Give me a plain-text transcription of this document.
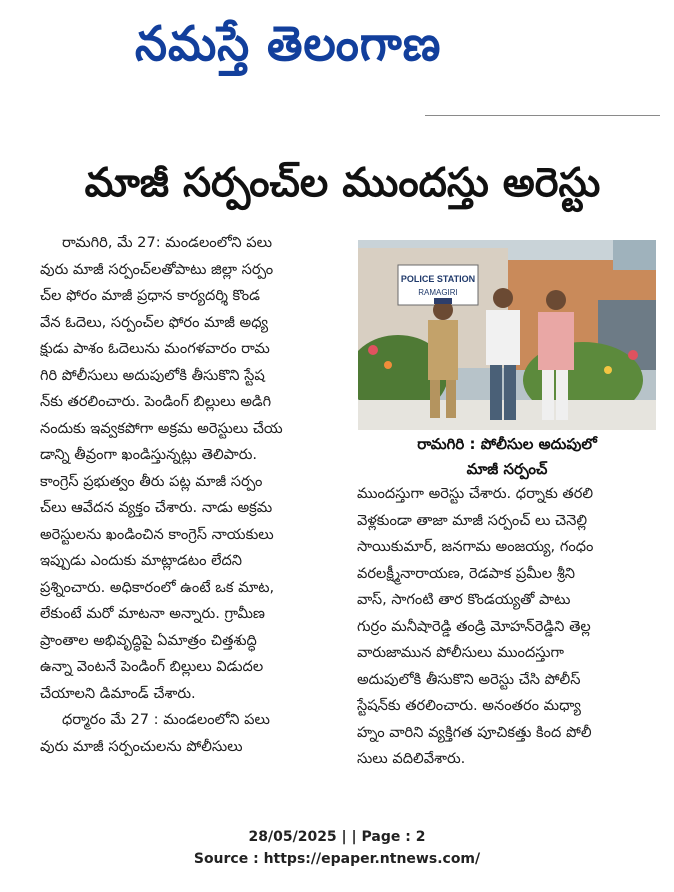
నమస్తే తెలంగాణ
మాజీ సర్పంచ్‌ల ముందస్తు అరెస్టు
రామగిరి, మే 27: మండలంలోని పలు
వురు మాజీ సర్పంచ్‌లతోపాటు జిల్లా సర్పం
చ్‌ల ఫోరం మాజీ ప్రధాన కార్యదర్శి కొండ
వేన ఓదెలు, సర్పంచ్‌ల ఫోరం మాజీ అధ్య
క్షుడు పాశం ఓదెలును మంగళవారం రామ
గిరి పోలీసులు అదుపులోకి తీసుకొని స్టేష
న్‌కు తరలించారు. పెండింగ్ బిల్లులు అడిగి
నందుకు ఇవ్వకపోగా అక్రమ అరెస్టులు చేయ
డాన్ని తీవ్రంగా ఖండిస్తున్నట్లు తెలిపారు.
కాంగ్రెస్ ప్రభుత్వం తీరు పట్ల మాజీ సర్పం
చ్‌లు ఆవేదన వ్యక్తం చేశారు. నాడు అక్రమ
అరెస్టులను ఖండించిన కాంగ్రెస్ నాయకులు
ఇప్పుడు ఎందుకు మాట్లాడటం లేదని
ప్రశ్నించారు. అధికారంలో ఉంటే ఒక మాట,
లేకుంటే మరో మాటనా అన్నారు. గ్రామీణ
ప్రాంతాల అభివృద్ధిపై ఏమాత్రం చిత్తశుద్ధి
ఉన్నా వెంటనే పెండింగ్ బిల్లులు విడుదల
చేయాలని డిమాండ్ చేశారు.
ధర్మారం మే 27 : మండలంలోని పలు
వురు మాజీ సర్పంచులను పోలీసులు
POLICE STATION
RAMAGIRI
రామగిరి : పోలీసుల అదుపులో
మాజీ సర్పంచ్
ముందస్తుగా అరెస్టు చేశారు. ధర్నాకు తరలి
వెళ్లకుండా తాజా మాజీ సర్పంచ్ లు చెనెల్లి
సాయికుమార్, జనగామ అంజయ్య, గంధం
వరలక్ష్మీనారాయణ, రెడపాక ప్రమీల శ్రీని
వాస్, సాగంటి తార కొండయ్యతో పాటు
గుర్రం మనీషారెడ్డి తండ్రి మోహన్‌రెడ్డిని తెల్ల
వారుజామున పోలీసులు ముందస్తుగా
అదుపులోకి తీసుకొని అరెస్టు చేసి పోలీస్
స్టేషన్‌కు తరలించారు. అనంతరం మధ్యా
హ్నం వారిని వ్యక్తిగత పూచికత్తు కింద పోలీ
సులు వదిలివేశారు.
28/05/2025 | | Page : 2
Source : https://epaper.ntnews.com/
